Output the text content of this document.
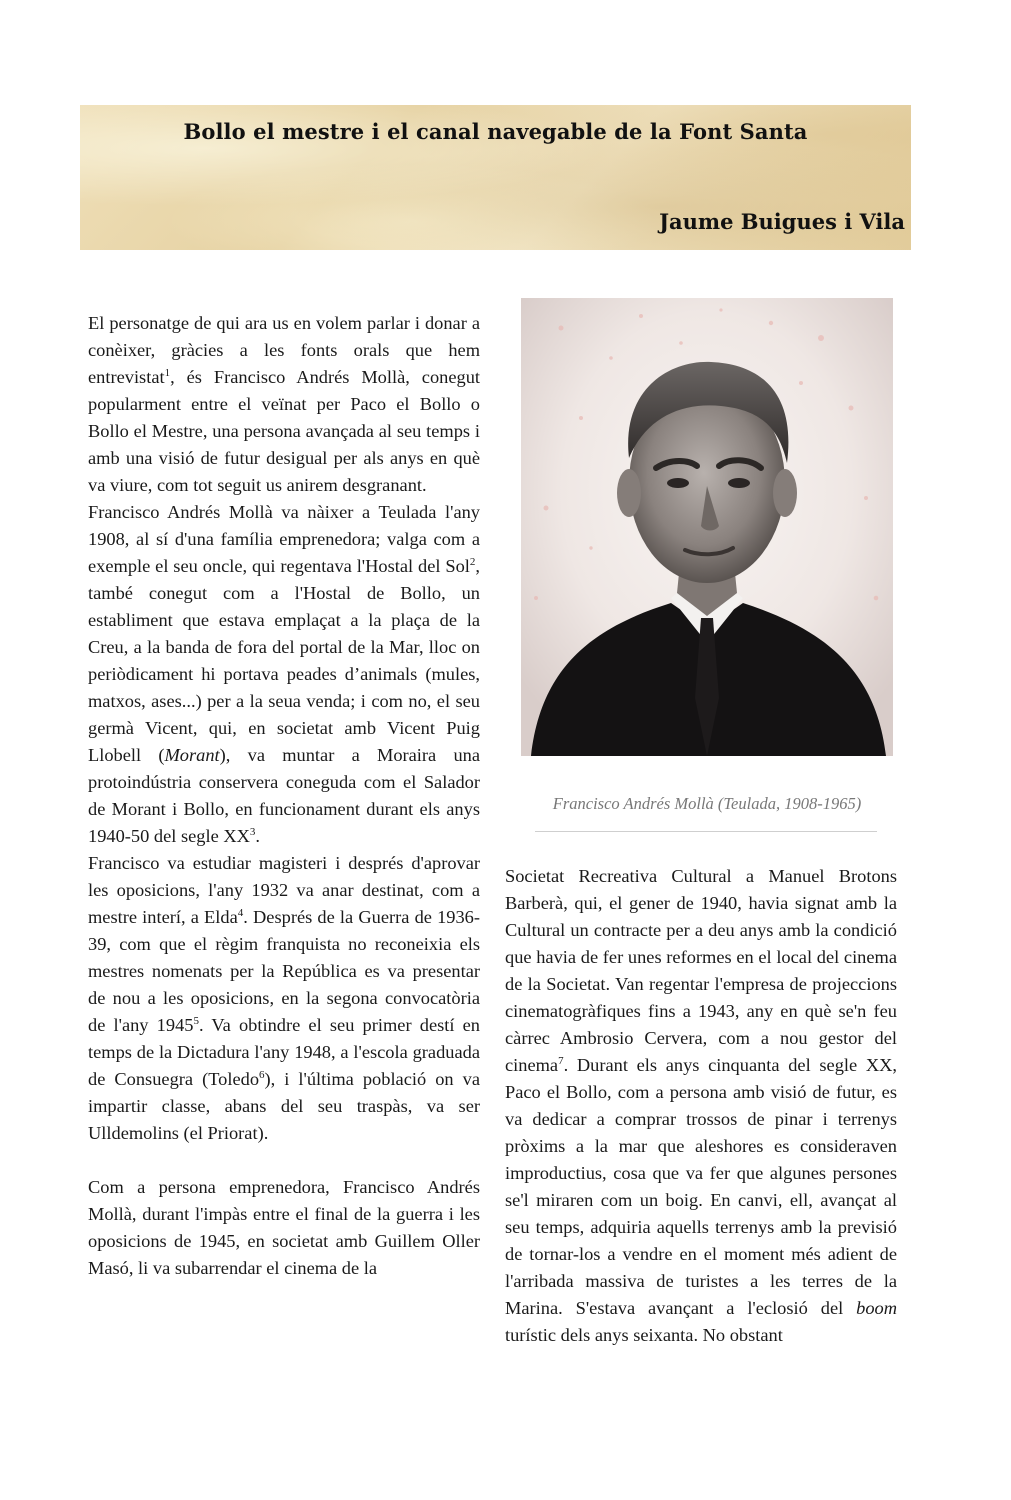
Bollo el mestre i el canal navegable de la Font Santa
Jaume Buigues i Vila

El personatge de qui ara us en volem parlar i donar a conèixer, gràcies a les fonts orals que hem entrevistat$^1$, és Francisco Andrés Mollà, conegut popularment entre el veïnat per Paco el Bollo o Bollo el Mestre, una persona avançada al seu temps i amb una visió de futur desigual per als anys en què va viure, com tot seguit us anirem desgranant.

Francisco Andrés Mollà va nàixer a Teulada l'any 1908, al sí d'una família emprenedora; valga com a exemple el seu oncle, qui regentava l'Hostal del Sol$^2$, també conegut com a l'Hostal de Bollo, un establiment que estava emplaçat a la plaça de la Creu, a la banda de fora del portal de la Mar, lloc on periòdicament hi portava peades d’animals (mules, matxos, ases...) per a la seua venda; i com no, el seu germà Vicent, qui, en societat amb Vicent Puig Llobell (Morant), va muntar a Moraira una protoindústria conservera coneguda com el Salador de Morant i Bollo, en funcionament durant els anys 1940-50 del segle $XX^3$.

Francisco va estudiar magisteri i després d'aprovar les oposicions, l'any 1932 va anar destinat, com a mestre interí, a Elda$^4$. Després de la Guerra de 1936-39, com que el règim franquista no reconeixia els mestres nomenats per la República es va presentar de nou a les oposicions, en la segona convocatòria de l'any 1945$^5$. Va obtindre el seu primer destí en temps de la Dictadura l'any 1948, a l'escola graduada de Consuegra (Toledo$^6$), i l'última població on va impartir classe, abans del seu traspàs, va ser Ulldemolins (el Priorat).

Com a persona emprenedora, Francisco Andrés Mollà, durant l'impàs entre el final de la guerra i les oposicions de 1945, en societat amb Guillem Oller Masó, li va subarrendar el cinema de la

Francisco Andrés Mollà (Teulada, 1908-1965)

Societat Recreativa Cultural a Manuel Brotons Barberà, qui, el gener de 1940, havia signat amb la Cultural un contracte per a deu anys amb la condició que havia de fer unes reformes en el local del cinema de la Societat. Van regentar l'empresa de projeccions cinematogràfiques fins a 1943, any en què se'n feu càrrec Ambrosio Cervera, com a nou gestor del cinema$^7$. Durant els anys cinquanta del segle XX, Paco el Bollo, com a persona amb visió de futur, es va dedicar a comprar trossos de pinar i terrenys pròxims a la mar que aleshores es consideraven improductius, cosa que va fer que algunes persones se'l miraren com un boig. En canvi, ell, avançat al seu temps, adquiria aquells terrenys amb la previsió de tornar-los a vendre en el moment més adient de l'arribada massiva de turistes a les terres de la Marina. S'estava avançant a l'eclosió del boom turístic dels anys seixanta. No obstant
